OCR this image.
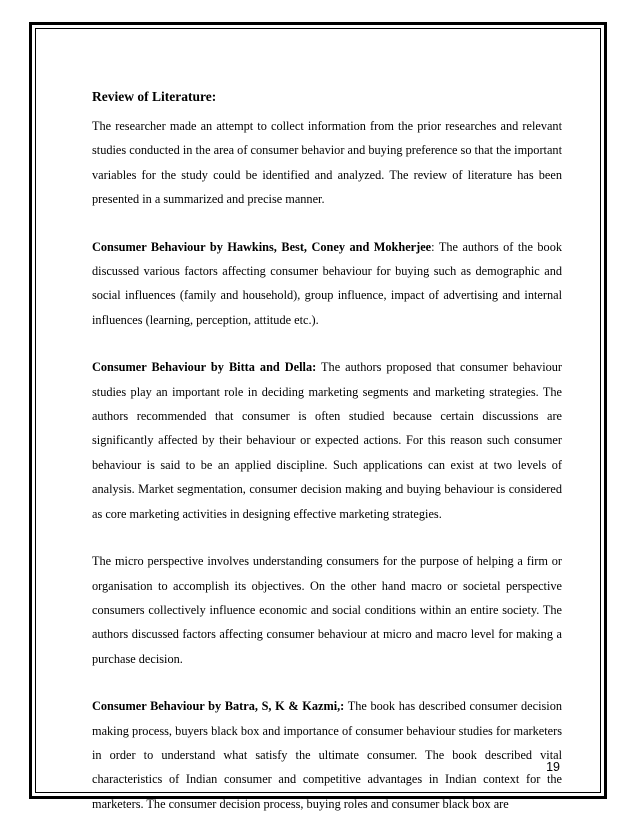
Review of Literature:

The researcher made an attempt to collect information from the prior researches and relevant studies conducted in the area of consumer behavior and buying preference so that the important variables for the study could be identified and analyzed. The review of literature has been presented in a summarized and precise manner.

Consumer Behaviour by Hawkins, Best, Coney and Mokherjee: The authors of the book discussed various factors affecting consumer behaviour for buying such as demographic and social influences (family and household), group influence, impact of advertising and internal influences (learning, perception, attitude etc.).

Consumer Behaviour by Bitta and Della: The authors proposed that consumer behaviour studies play an important role in deciding marketing segments and marketing strategies. The authors recommended that consumer is often studied because certain discussions are significantly affected by their behaviour or expected actions. For this reason such consumer behaviour is said to be an applied discipline. Such applications can exist at two levels of analysis. Market segmentation, consumer decision making and buying behaviour is considered as core marketing activities in designing effective marketing strategies.

The micro perspective involves understanding consumers for the purpose of helping a firm or organisation to accomplish its objectives. On the other hand macro or societal perspective consumers collectively influence economic and social conditions within an entire society. The authors discussed factors affecting consumer behaviour at micro and macro level for making a purchase decision.

Consumer Behaviour by Batra, S, K & Kazmi,: The book has described consumer decision making process, buyers black box and importance of consumer behaviour studies for marketers in order to understand what satisfy the ultimate consumer. The book described vital characteristics of Indian consumer and competitive advantages in Indian context for the marketers. The consumer decision process, buying roles and consumer black box are

19
